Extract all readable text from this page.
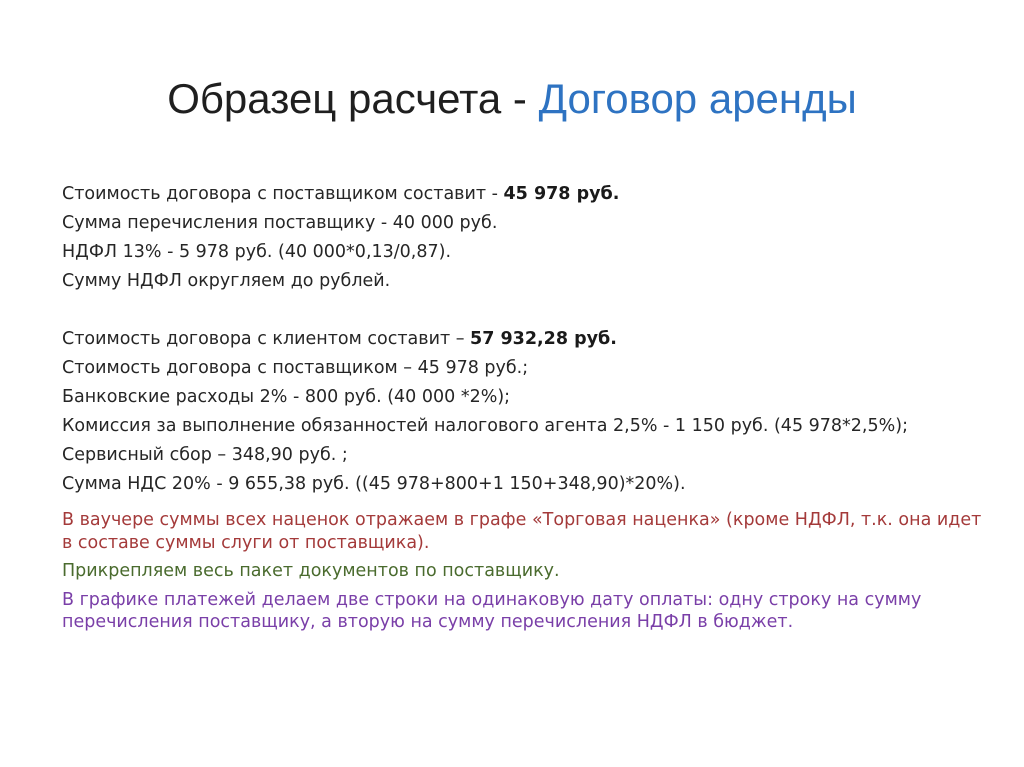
Образец расчета - Договор аренды
Стоимость договора с поставщиком составит - 45 978 руб.
Сумма перечисления поставщику - 40 000 руб.
НДФЛ 13% - 5 978 руб. (40 000*0,13/0,87).
Сумму НДФЛ округляем до рублей.
Стоимость договора с клиентом составит – 57 932,28 руб.
Стоимость договора с поставщиком – 45 978 руб.;
Банковские расходы 2% - 800 руб. (40 000 *2%);
Комиссия за выполнение обязанностей налогового агента 2,5% - 1 150 руб. (45 978*2,5%);
Сервисный сбор – 348,90 руб. ;
Сумма НДС 20% - 9 655,38 руб. ((45 978+800+1 150+348,90)*20%).
В ваучере суммы всех наценок отражаем в графе «Торговая наценка» (кроме НДФЛ, т.к. она идет в составе суммы слуги от поставщика).
Прикрепляем весь пакет документов по поставщику.
В графике платежей делаем две строки на одинаковую дату оплаты: одну строку на сумму перечисления поставщику, а вторую на сумму перечисления НДФЛ в бюджет.
